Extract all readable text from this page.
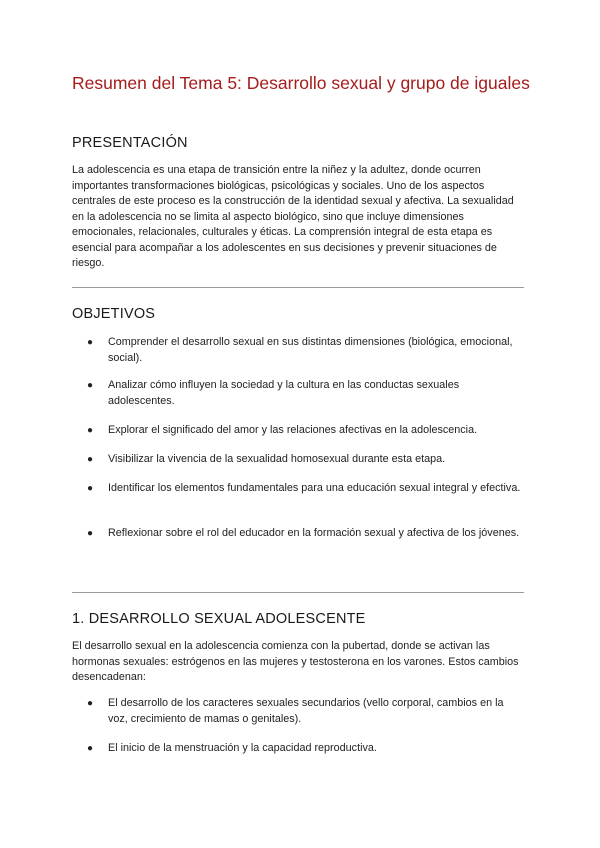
Resumen del Tema 5: Desarrollo sexual y grupo de iguales
PRESENTACIÓN

La adolescencia es una etapa de transición entre la niñez y la adultez, donde ocurren importantes transformaciones biológicas, psicológicas y sociales. Uno de los aspectos centrales de este proceso es la construcción de la identidad sexual y afectiva. La sexualidad en la adolescencia no se limita al aspecto biológico, sino que incluye dimensiones emocionales, relacionales, culturales y éticas. La comprensión integral de esta etapa es esencial para acompañar a los adolescentes en sus decisiones y prevenir situaciones de riesgo.

OBJETIVOS
● Comprender el desarrollo sexual en sus distintas dimensiones (biológica, emocional, social).
● Analizar cómo influyen la sociedad y la cultura en las conductas sexuales adolescentes.
● Explorar el significado del amor y las relaciones afectivas en la adolescencia.
● Visibilizar la vivencia de la sexualidad homosexual durante esta etapa.
● Identificar los elementos fundamentales para una educación sexual integral y efectiva.
● Reflexionar sobre el rol del educador en la formación sexual y afectiva de los jóvenes.
1. DESARROLLO SEXUAL ADOLESCENTE

El desarrollo sexual en la adolescencia comienza con la pubertad, donde se activan las hormonas sexuales: estrógenos en las mujeres y testosterona en los varones. Estos cambios desencadenan:

● El desarrollo de los caracteres sexuales secundarios (vello corporal, cambios en la voz, crecimiento de mamas o genitales).
● El inicio de la menstruación y la capacidad reproductiva.
